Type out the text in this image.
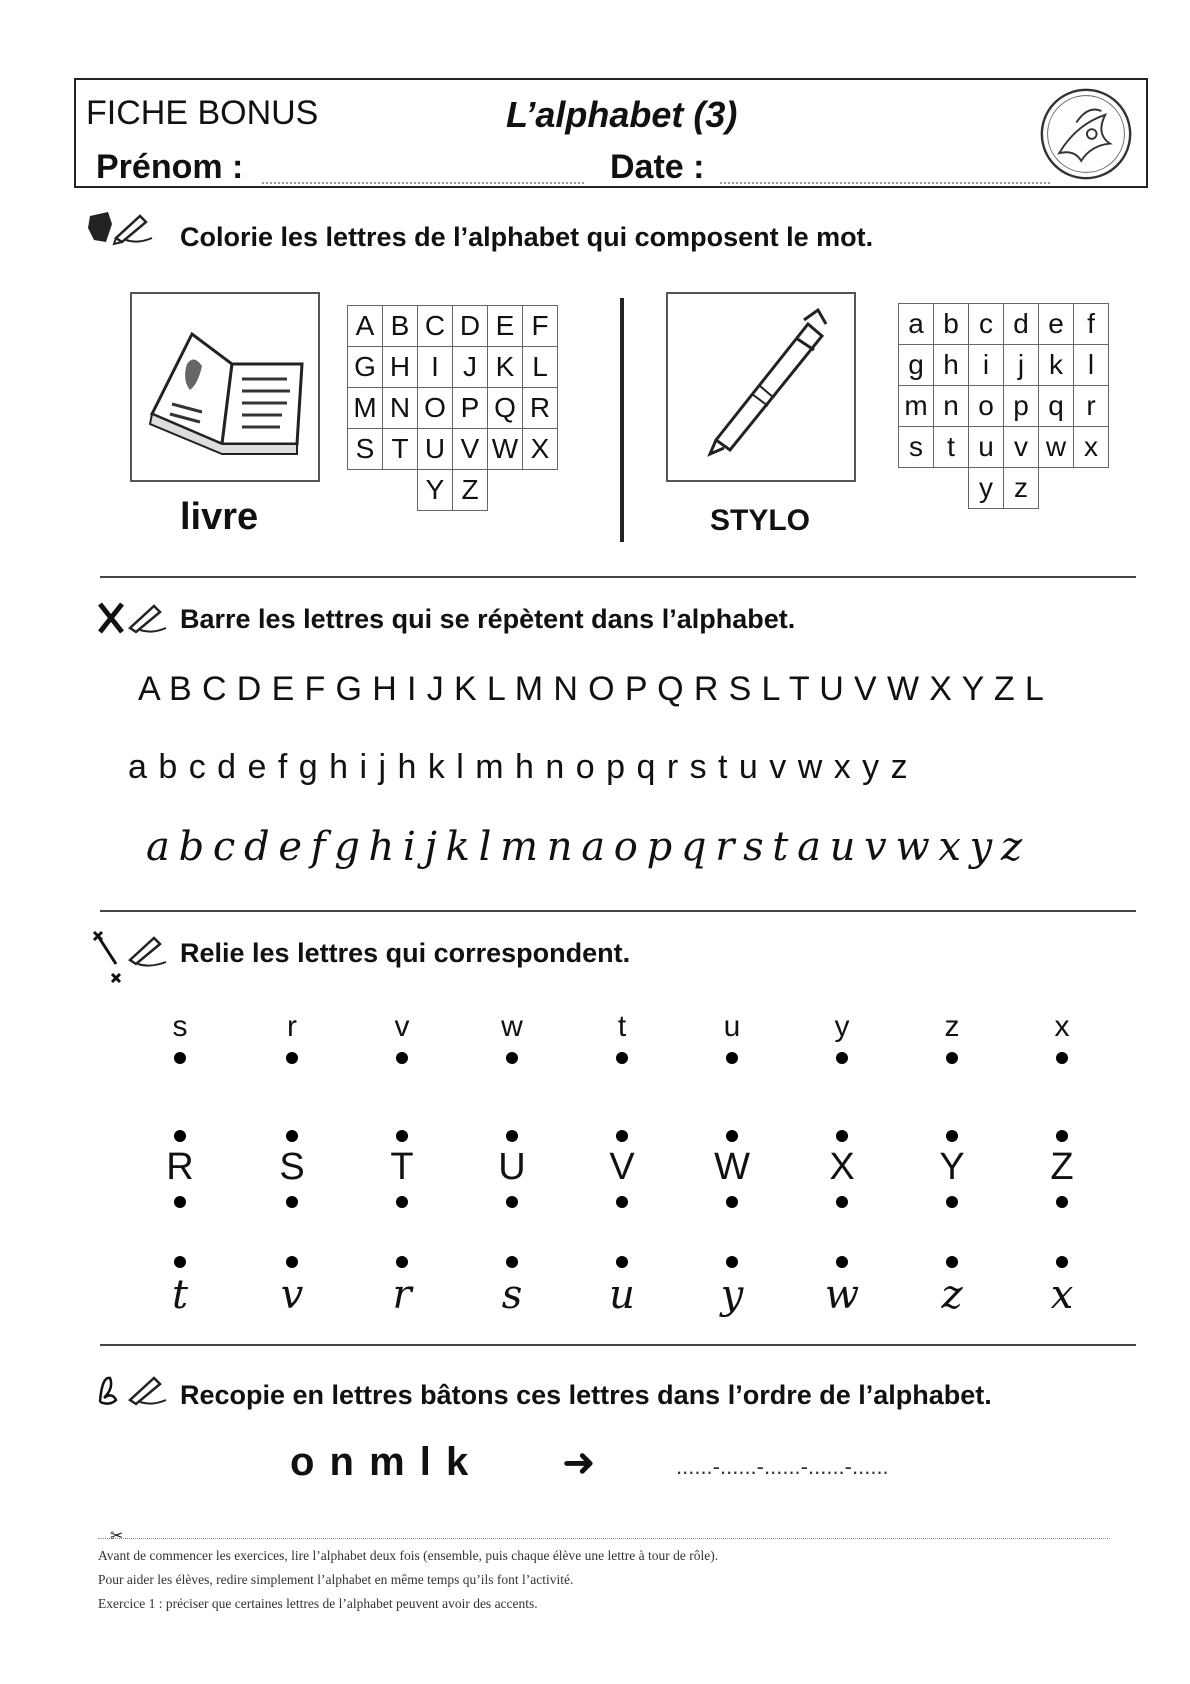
FICHE BONUS	L’alphabet (3)
Prénom :	Date :
Colorie les lettres de l’alphabet qui composent le mot.
livre
A	B	C	D	E	F
G	H	I	J	K	L
M	N	O	P	Q	R
S	T	U	V	W	X
		Y	Z		
STYLO
a	b	c	d	e	f
g	h	i	j	k	l
m	n	o	p	q	r
s	t	u	v	w	x
		y	z		
Barre les lettres qui se répètent dans l’alphabet.
A B C D E F G H I J K L M N O P Q R S L T U V W X Y Z L
a b c d e f g h i j h k l m h n o p q r s t u v w x y z
a b c d e f g h i j k l m n a o p q r s t a u v w x y z
Relie les lettres qui correspondent.
s
R
t
r
S
v
v
T
r
w
U
s
t
V
u
u
W
y
y
X
w
z
Y
z
x
Z
x
Recopie en lettres bâtons ces lettres dans l’ordre de l’alphabet.
o n m l k ➜	......-......-......-......-......
✂
Avant de commencer les exercices, lire l’alphabet deux fois (ensemble, puis chaque élève une lettre à tour de rôle).
Pour aider les élèves, redire simplement l’alphabet en même temps qu’ils font l’activité.
Exercice 1 : préciser que certaines lettres de l’alphabet peuvent avoir des accents.
